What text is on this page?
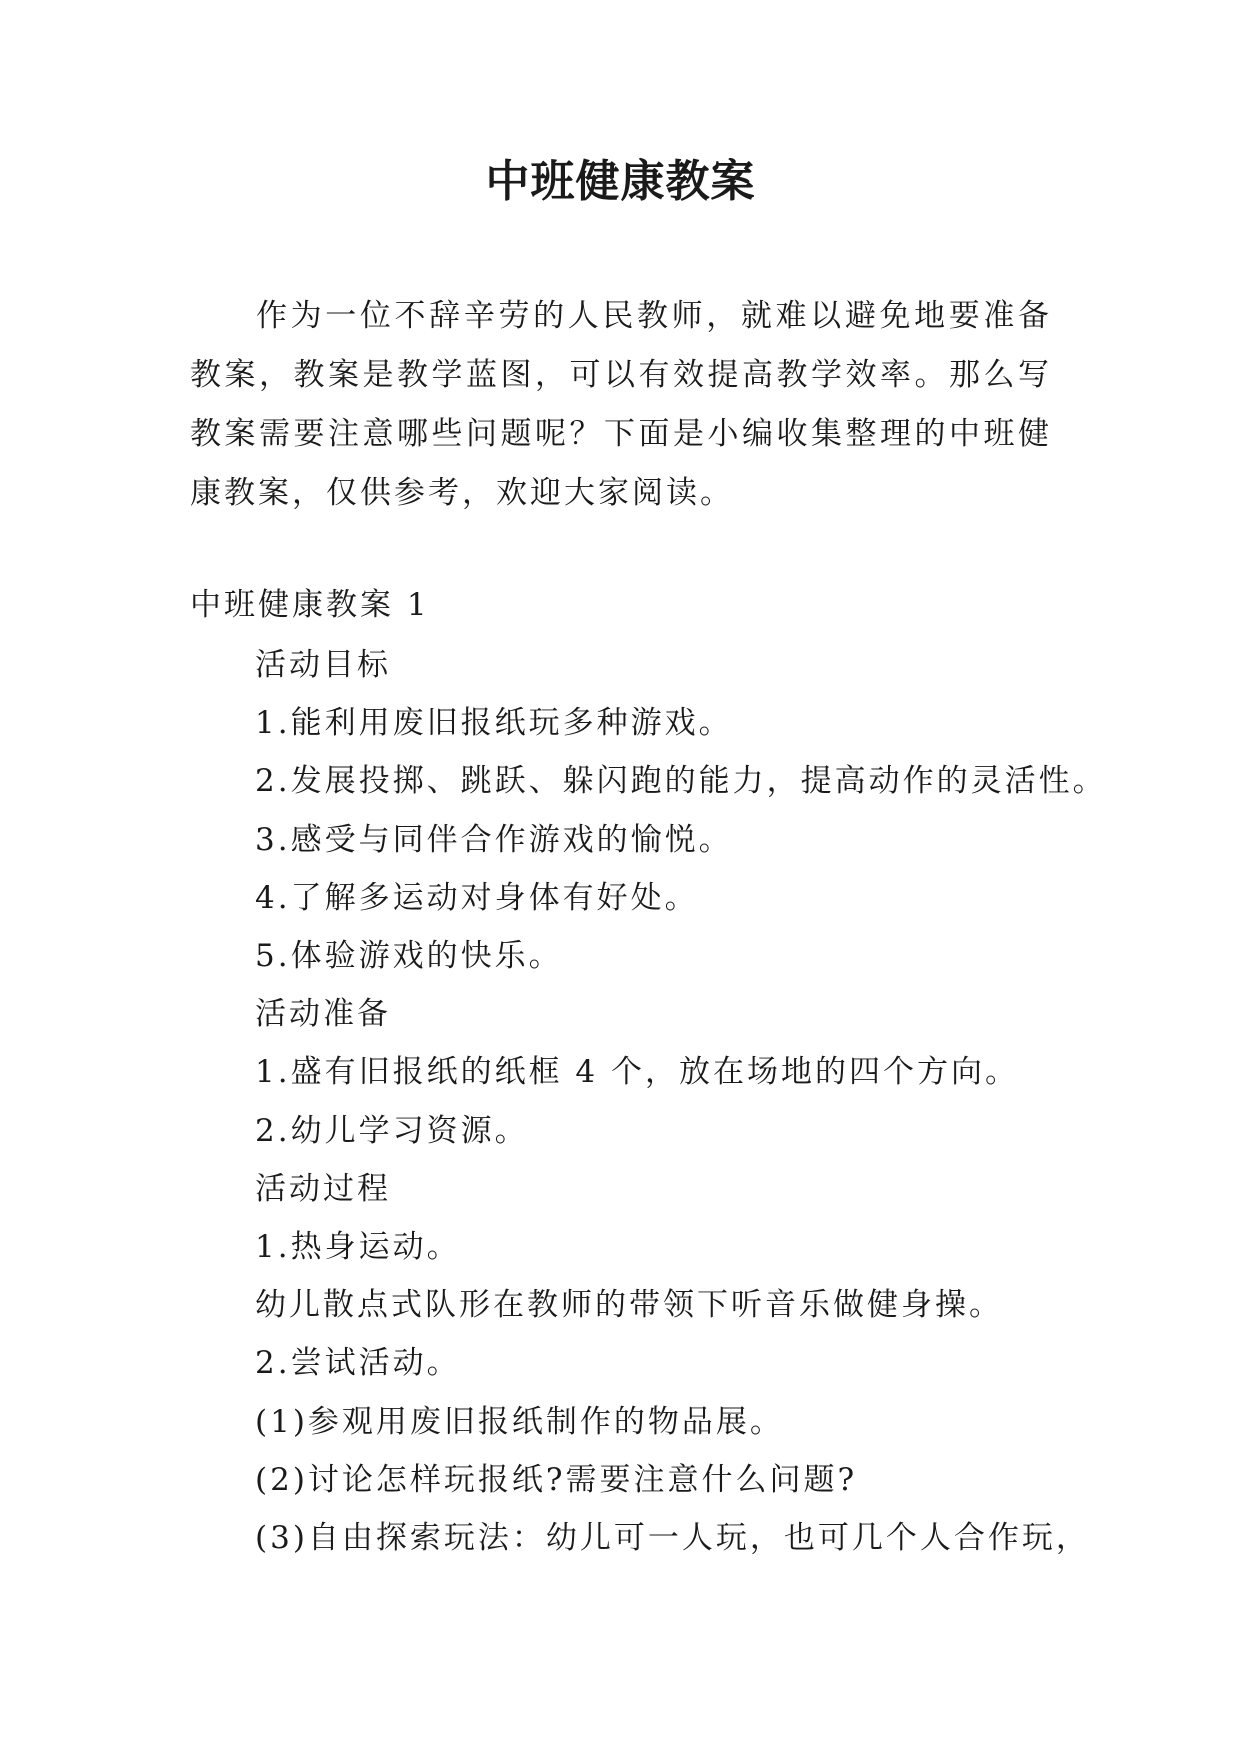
中班健康教案

作为一位不辞辛劳的人民教师，就难以避免地要准备教案，教案是教学蓝图，可以有效提高教学效率。那么写教案需要注意哪些问题呢？下面是小编收集整理的中班健康教案，仅供参考，欢迎大家阅读。

中班健康教案 1

活动目标
1.能利用废旧报纸玩多种游戏。
2.发展投掷、跳跃、躲闪跑的能力，提高动作的灵活性。
3.感受与同伴合作游戏的愉悦。
4.了解多运动对身体有好处。
5.体验游戏的快乐。
活动准备
1.盛有旧报纸的纸框 4 个，放在场地的四个方向。
2.幼儿学习资源。
活动过程
1.热身运动。
幼儿散点式队形在教师的带领下听音乐做健身操。
2.尝试活动。
(1)参观用废旧报纸制作的物品展。
(2)讨论怎样玩报纸?需要注意什么问题?
(3)自由探索玩法：幼儿可一人玩，也可几个人合作玩，
